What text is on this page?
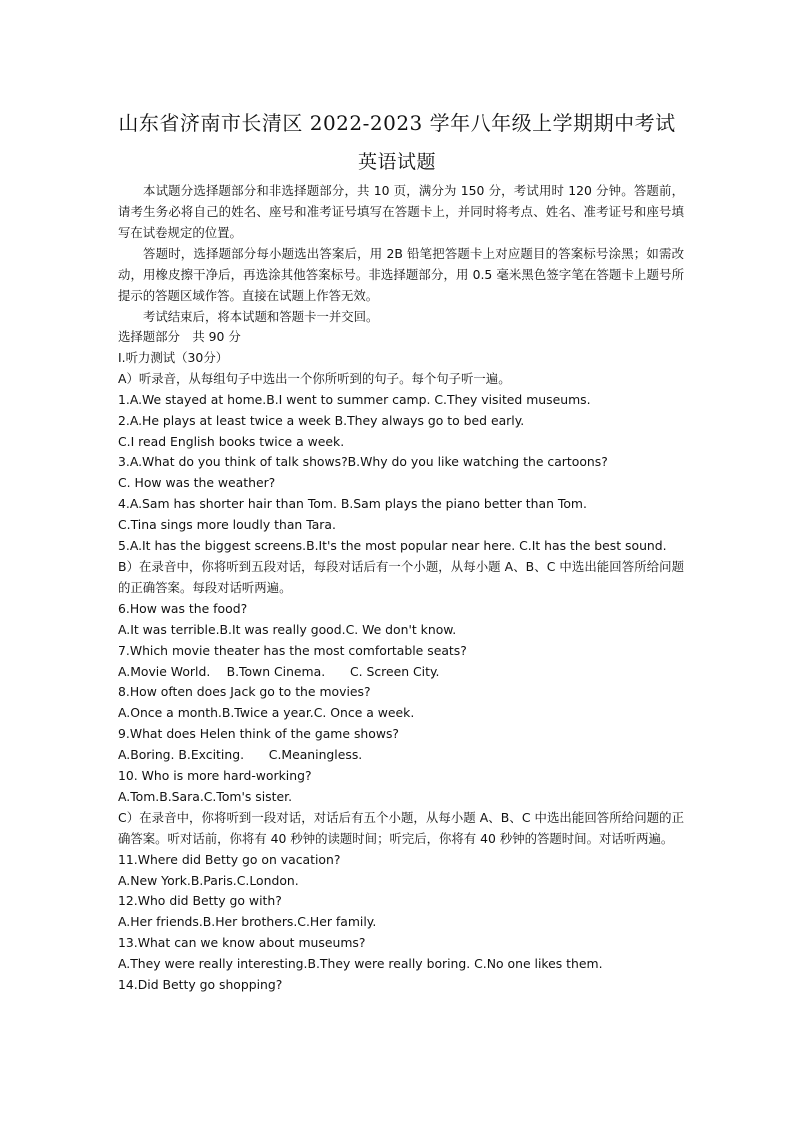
山东省济南市长清区 2022-2023 学年八年级上学期期中考试
英语试题

本试题分选择题部分和非选择题部分，共 10 页，满分为 150 分，考试用时 120 分钟。答题前，请考生务必将自己的姓名、座号和准考证号填写在答题卡上，并同时将考点、姓名、准考证号和座号填写在试卷规定的位置。

答题时，选择题部分每小题选出答案后，用 2B 铅笔把答题卡上对应题目的答案标号涂黑；如需改动，用橡皮擦干净后，再选涂其他答案标号。非选择题部分，用 0.5 毫米黑色签字笔在答题卡上题号所提示的答题区域作答。直接在试题上作答无效。

考试结束后，将本试题和答题卡一并交回。

选择题部分　共 90 分

Ⅰ.听力测试（30分）

A）听录音，从每组句子中选出一个你所听到的句子。每个句子听一遍。

1.A.We stayed at home.B.I went to summer camp. C.They visited museums.

2.A.He plays at least twice a week B.They always go to bed early.

C.I read English books twice a week.

3.A.What do you think of talk shows?B.Why do you like watching the cartoons?

C. How was the weather?

4.A.Sam has shorter hair than Tom. B.Sam plays the piano better than Tom.

C.Tina sings more loudly than Tara.

5.A.It has the biggest screens.B.It's the most popular near here. C.It has the best sound.

B）在录音中，你将听到五段对话，每段对话后有一个小题，从每小题 A、B、C 中选出能回答所给问题的正确答案。每段对话听两遍。

6.How was the food?

A.It was terrible.B.It was really good.C. We don't know.

7.Which movie theater has the most comfortable seats?

A.Movie World.　 B.Town Cinema.　　C. Screen City.

8.How often does Jack go to the movies?

A.Once a month.B.Twice a year.C. Once a week.

9.What does Helen think of the game shows?

A.Boring. B.Exciting.　　C.Meaningless.

10. Who is more hard-working?

A.Tom.B.Sara.C.Tom's sister.

C）在录音中，你将听到一段对话，对话后有五个小题，从每小题 A、B、C 中选出能回答所给问题的正确答案。听对话前，你将有 40 秒钟的读题时间；听完后，你将有 40 秒钟的答题时间。对话听两遍。

11.Where did Betty go on vacation?

A.New York.B.Paris.C.London.

12.Who did Betty go with?

A.Her friends.B.Her brothers.C.Her family.

13.What can we know about museums?

A.They were really interesting.B.They were really boring. C.No one likes them.

14.Did Betty go shopping?
